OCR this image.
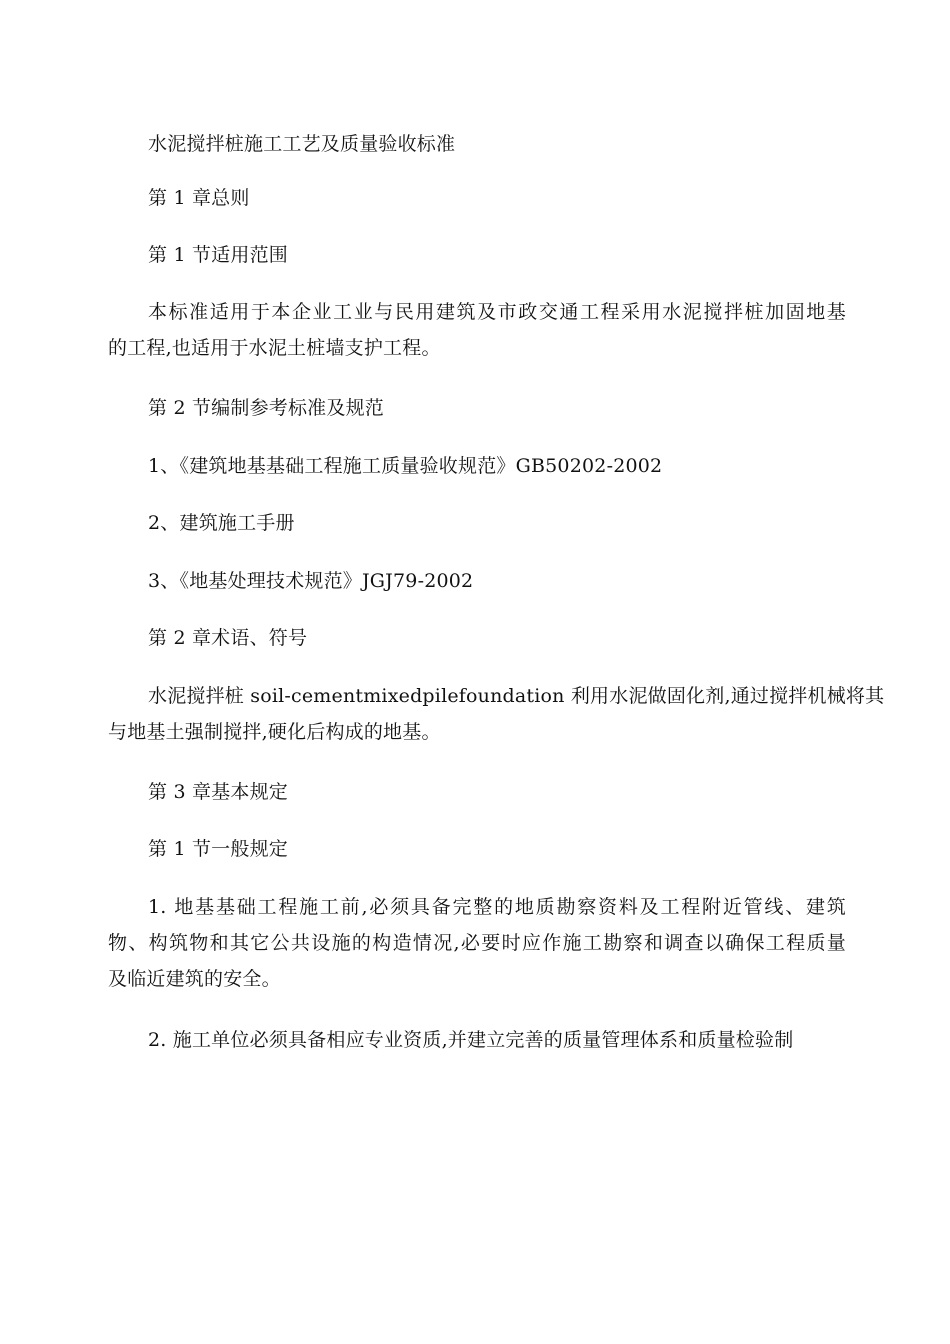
水泥搅拌桩施工工艺及质量验收标准

第 1 章总则

第 1 节适用范围

本标准适用于本企业工业与民用建筑及市政交通工程采用水泥搅拌桩加固地基
的工程,也适用于水泥土桩墙支护工程。

第 2 节编制参考标准及规范

1、《建筑地基基础工程施工质量验收规范》GB50202-2002

2、建筑施工手册

3、《地基处理技术规范》JGJ79-2002

第 2 章术语、符号

水泥搅拌桩 soil-cementmixedpilefoundation 利用水泥做固化剂,通过搅拌机械将其
与地基土强制搅拌,硬化后构成的地基。

第 3 章基本规定

第 1 节一般规定

1. 地基基础工程施工前,必须具备完整的地质勘察资料及工程附近管线、建筑
物、构筑物和其它公共设施的构造情况,必要时应作施工勘察和调查以确保工程质量
及临近建筑的安全。
2. 施工单位必须具备相应专业资质,并建立完善的质量管理体系和质量检验制
